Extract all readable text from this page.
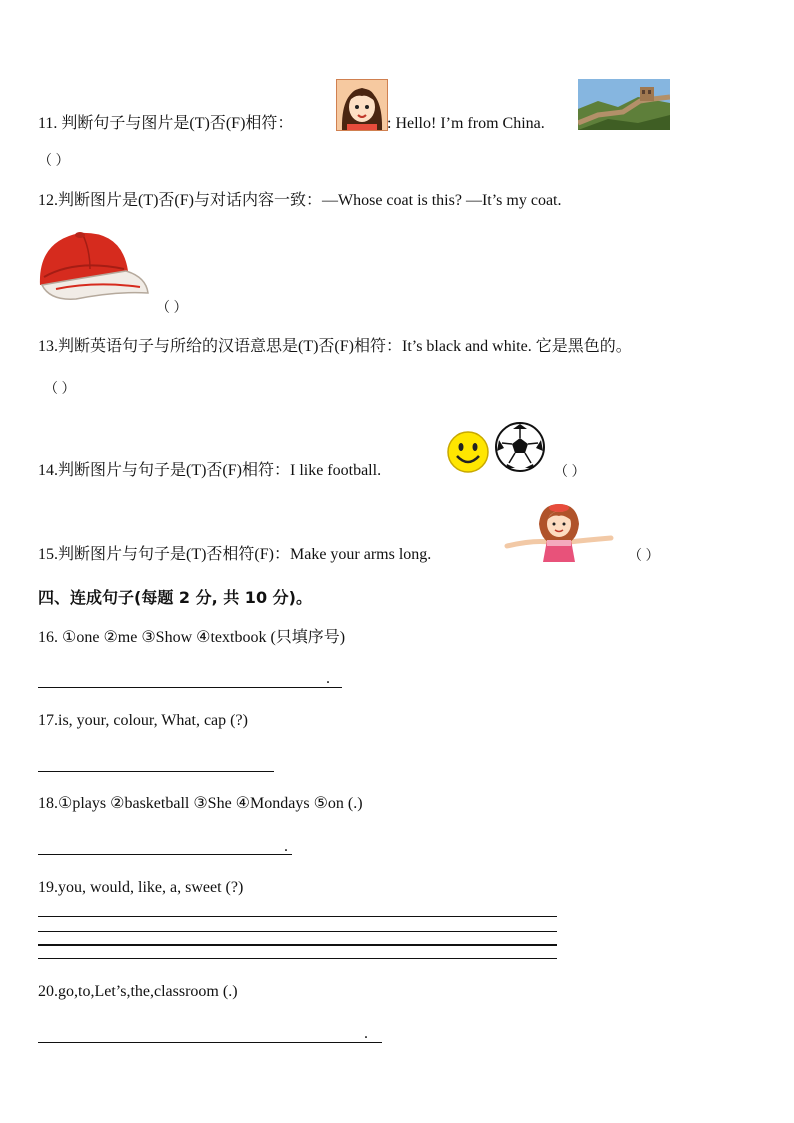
11. 判断句子与图片是(T)否(F)相符：	: Hello! I’m from China.
（ ）
12.判断图片是(T)否(F)与对话内容一致：—Whose coat is this? —It’s my coat.
（ ）
13.判断英语句子与所给的汉语意思是(T)否(F)相符：It’s black and white. 它是黑色的。
（ ）
14.判断图片与句子是(T)否(F)相符：I like football.	（ ）
15.判断图片与句子是(T)否相符(F)：Make your arms long.	（ ）
四、连成句子(每题 2 分, 共 10 分)。
16. ①one ②me ③Show ④textbook (只填序号)
.
17.is, your, colour, What, cap (?)
18.①plays ②basketball ③She ④Mondays ⑤on (.)
.
19.you, would, like, a, sweet (?)
20.go,to,Let’s,the,classroom (.)
.
